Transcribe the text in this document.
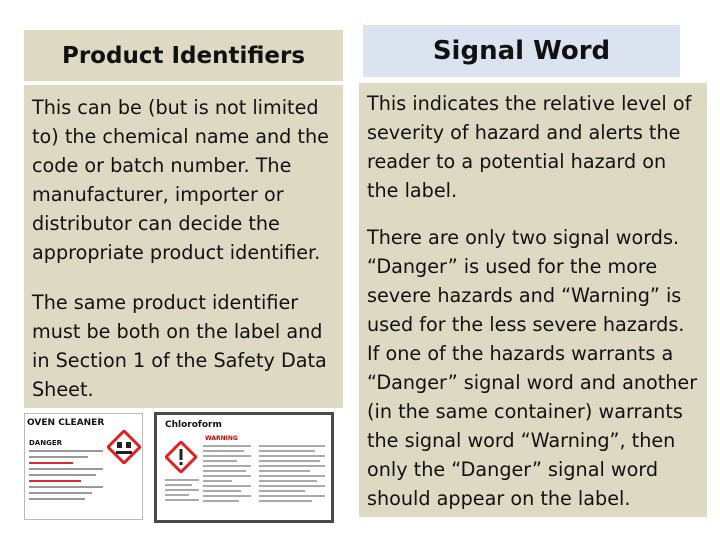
Product Identifiers

This can be (but is not limited to) the chemical name and the code or batch number. The manufacturer, importer or distributor can decide the appropriate product identifier.

The same product identifier must be both on the label and in Section 1 of the Safety Data Sheet.

Signal Word

This indicates the relative level of severity of hazard and alerts the reader to a potential hazard on the label.

There are only two signal words. “Danger” is used for the more severe hazards and “Warning” is used for the less severe hazards. If one of the hazards warrants a “Danger” signal word and another (in the same container) warrants the signal word “Warning”, then only the “Danger” signal word should appear on the label.

OVEN CLEANER
DANGER
Chloroform
WARNING
